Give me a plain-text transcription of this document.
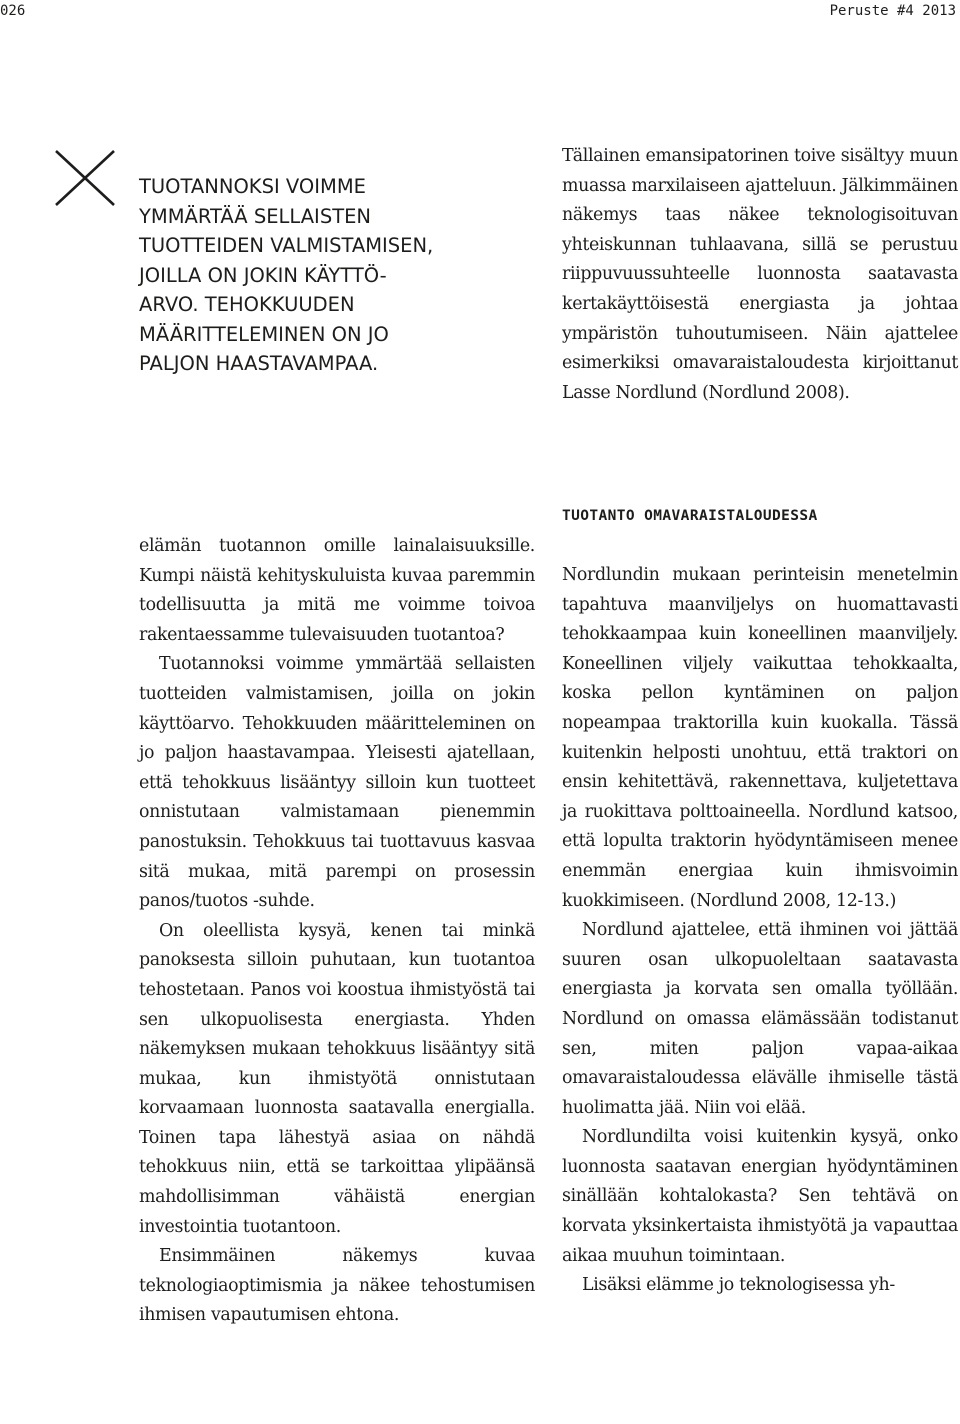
026	Peruste #4 2013
TUOTANNOKSI VOIMME
YMMÄRTÄÄ SELLAISTEN
TUOTTEIDEN VALMISTAMISEN,
JOILLA ON JOKIN KÄYTTÖ-
ARVO. TEHOKKUUDEN
MÄÄRITTELEMINEN ON JO
PALJON HAASTAVAMPAA.

Tällainen emansipatorinen toive sisältyy muun muassa marxilaiseen ajatteluun. Jälkimmäinen näkemys taas näkee teknologisoituvan yhteiskunnan tuhlaavana, sillä se perustuu riippuvuussuhteelle luonnosta saatavasta kertakäyttöisestä energiasta ja johtaa ympäristön tuhoutumiseen. Näin ajattelee esimerkiksi omavaraistaloudesta kirjoittanut Lasse Nordlund (Nordlund 2008).

TUOTANTO OMAVARAISTALOUDESSA

Nordlundin mukaan perinteisin menetelmin tapahtuva maanviljelys on huomattavasti tehokkaampaa kuin koneellinen maanviljely. Koneellinen viljely vaikuttaa tehokkaalta, koska pellon kyntäminen on paljon nopeampaa traktorilla kuin kuokalla. Tässä kuitenkin helposti unohtuu, että traktori on ensin kehitettävä, rakennettava, kuljetettava ja ruokittava polttoaineella. Nordlund katsoo, että lopulta traktorin hyödyntämiseen menee enemmän energiaa kuin ihmisvoimin kuokkimiseen. (Nordlund 2008, 12-13.)

Nordlund ajattelee, että ihminen voi jättää suuren osan ulkopuoleltaan saatavasta energiasta ja korvata sen omalla työllään. Nordlund on omassa elämässään todistanut sen, miten paljon vapaa-aikaa omavaraistaloudessa elävälle ihmiselle tästä huolimatta jää. Niin voi elää.

Nordlundilta voisi kuitenkin kysyä, onko luonnosta saatavan energian hyödyntäminen sinällään kohtalokasta? Sen tehtävä on korvata yksinkertaista ihmistyötä ja vapauttaa aikaa muuhun toimintaan.

Lisäksi elämme jo teknologisessa yh-

elämän tuotannon omille lainalaisuuksille. Kumpi näistä kehityskuluista kuvaa paremmin todellisuutta ja mitä me voimme toivoa rakentaessamme tulevaisuuden tuotantoa?

Tuotannoksi voimme ymmärtää sellaisten tuotteiden valmistamisen, joilla on jokin käyttöarvo. Tehokkuuden määritteleminen on jo paljon haastavampaa. Yleisesti ajatellaan, että tehokkuus lisääntyy silloin kun tuotteet onnistutaan valmistamaan pienemmin panostuksin. Tehokkuus tai tuottavuus kasvaa sitä mukaa, mitä parempi on prosessin panos/tuotos -suhde.

On oleellista kysyä, kenen tai minkä panoksesta silloin puhutaan, kun tuotantoa tehostetaan. Panos voi koostua ihmistyöstä tai sen ulkopuolisesta energiasta. Yhden näkemyksen mukaan tehokkuus lisääntyy sitä mukaa, kun ihmistyötä onnistutaan korvaamaan luonnosta saatavalla energialla. Toinen tapa lähestyä asiaa on nähdä tehokkuus niin, että se tarkoittaa ylipäänsä mahdollisimman vähäistä energian investointia tuotantoon.

Ensimmäinen näkemys kuvaa teknologiaoptimismia ja näkee tehostumisen ihmisen vapautumisen ehtona.
